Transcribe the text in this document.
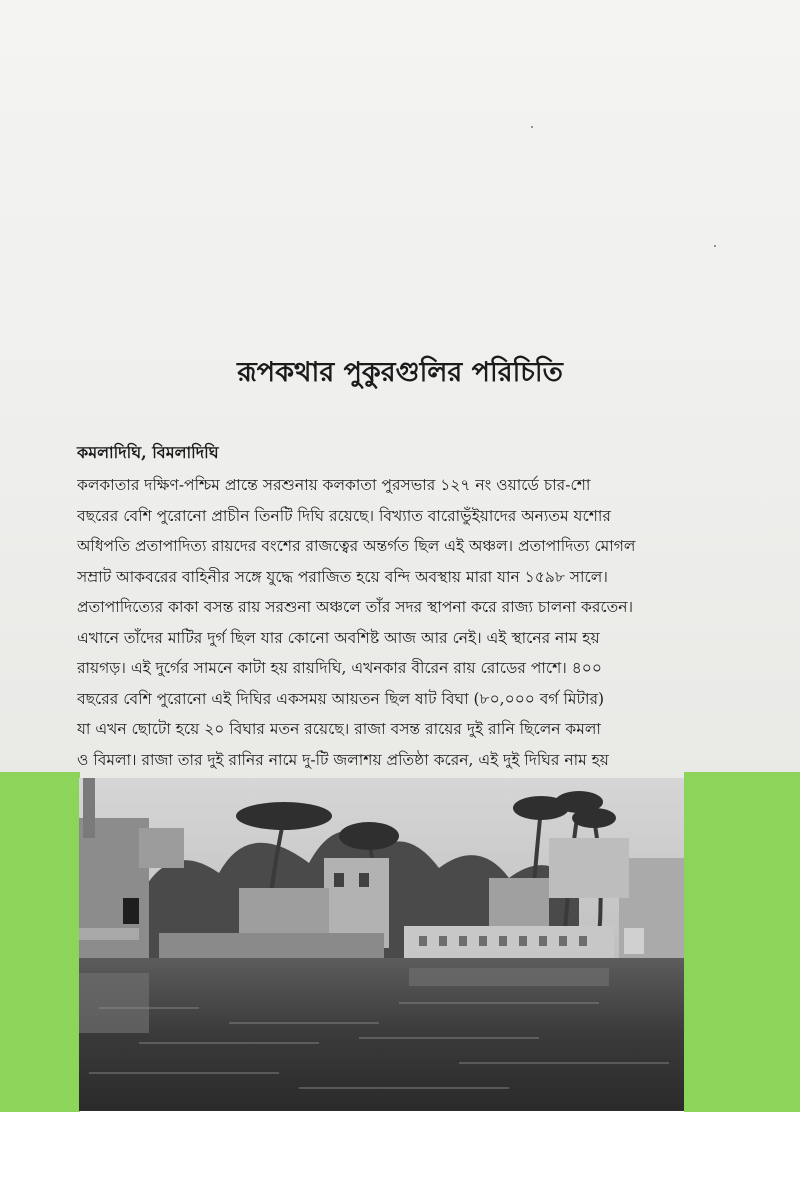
রূপকথার পুকুরগুলির পরিচিতি
কমলাদিঘি, বিমলাদিঘি
কলকাতার দক্ষিণ-পশ্চিম প্রান্তে সরশুনায় কলকাতা পুরসভার ১২৭ নং ওয়ার্ডে চার-শো
বছরের বেশি পুরোনো প্রাচীন তিনটি দিঘি রয়েছে। বিখ্যাত বারোভুঁইয়াদের অন্যতম যশোর
অধিপতি প্রতাপাদিত্য রায়দের বংশের রাজত্বের অন্তর্গত ছিল এই অঞ্চল। প্রতাপাদিত্য মোগল
সম্রাট আকবরের বাহিনীর সঙ্গে যুদ্ধে পরাজিত হয়ে বন্দি অবস্থায় মারা যান ১৫৯৮ সালে।
প্রতাপাদিত্যের কাকা বসন্ত রায় সরশুনা অঞ্চলে তাঁর সদর স্থাপনা করে রাজ্য চালনা করতেন।
এখানে তাঁদের মাটির দুর্গ ছিল যার কোনো অবশিষ্ট আজ আর নেই। এই স্থানের নাম হয়
রায়গড়। এই দুর্গের সামনে কাটা হয় রায়দিঘি, এখনকার বীরেন রায় রোডের পাশে। ৪০০
বছরের বেশি পুরোনো এই দিঘির একসময় আয়তন ছিল ষাট বিঘা (৮০,০০০ বর্গ মিটার)
যা এখন ছোটো হয়ে ২০ বিঘার মতন রয়েছে। রাজা বসন্ত রায়ের দুই রানি ছিলেন কমলা
ও বিমলা। রাজা তার দুই রানির নামে দু-টি জলাশয় প্রতিষ্ঠা করেন, এই দুই দিঘির নাম হয়
